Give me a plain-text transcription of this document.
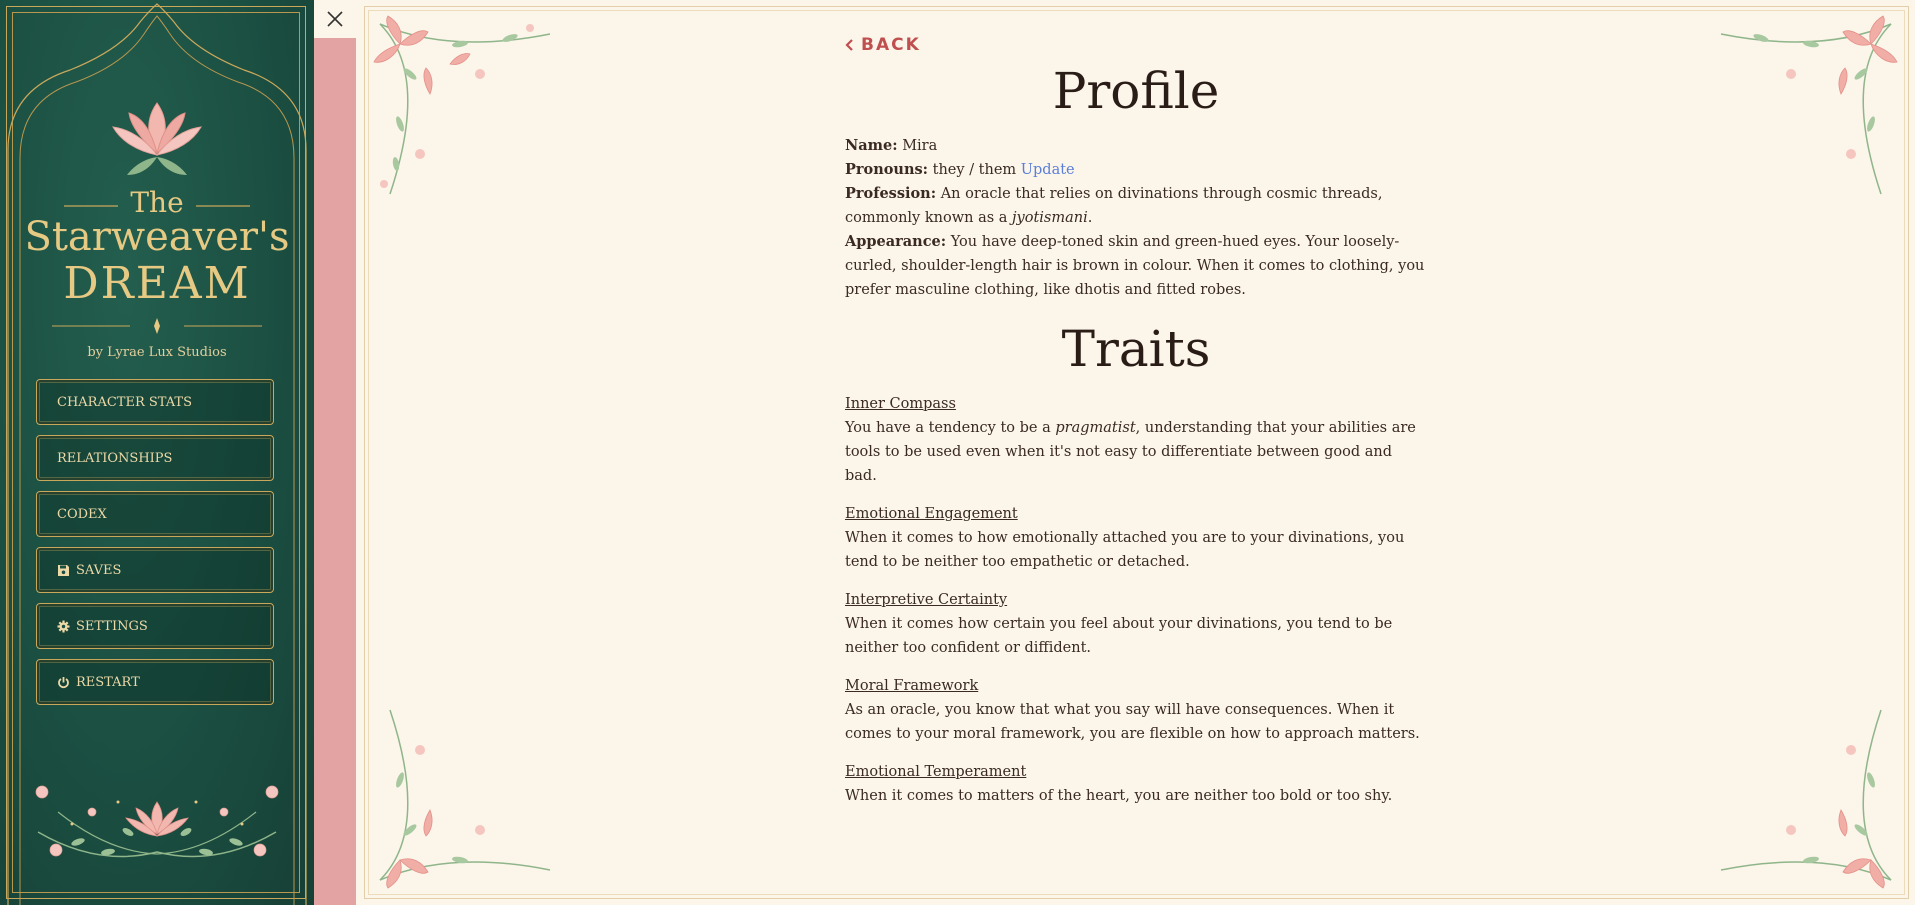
The
Starweaver's
DREAM
by Lyrae Lux Studios
CHARACTER STATS
RELATIONSHIPS
CODEX
SAVES
SETTINGS
RESTART
BACK
Profile

Name: Mira

Pronouns: they / them Update

Profession: An oracle that relies on divinations through cosmic threads, commonly known as a jyotismani.

Appearance: You have deep-toned skin and green-hued eyes. Your loosely-curled, shoulder-length hair is brown in colour. When it comes to clothing, you prefer masculine clothing, like dhotis and fitted robes.

Traits
Inner Compass

You have a tendency to be a pragmatist, understanding that your abilities are tools to be used even when it's not easy to differentiate between good and bad.

Emotional Engagement

When it comes to how emotionally attached you are to your divinations, you tend to be neither too empathetic or detached.

Interpretive Certainty

When it comes how certain you feel about your divinations, you tend to be neither too confident or diffident.

Moral Framework

As an oracle, you know that what you say will have consequences. When it comes to your moral framework, you are flexible on how to approach matters.

Emotional Temperament

When it comes to matters of the heart, you are neither too bold or too shy.
